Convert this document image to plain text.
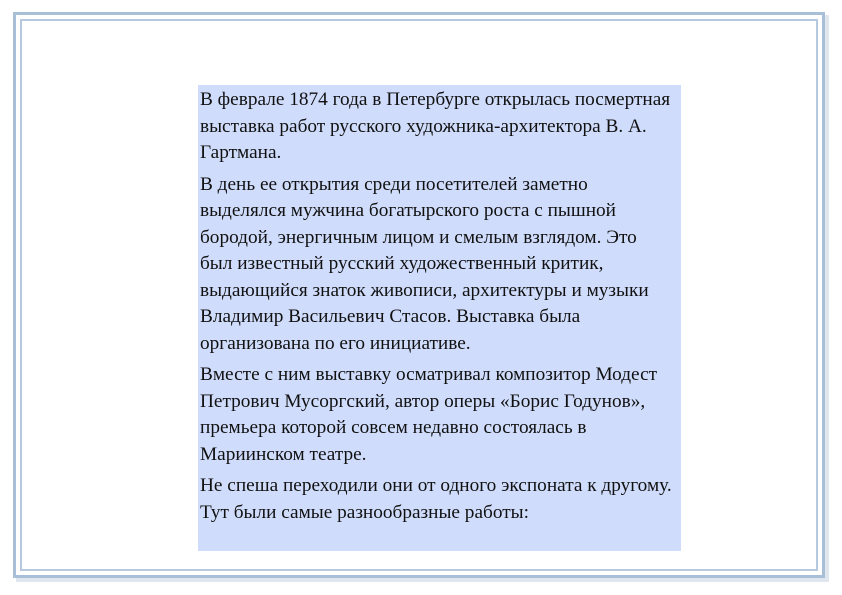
В феврале 1874 года в Петербурге открылась посмертная выставка работ русского художника-архитектора В. А. Гартмана.

В день ее открытия среди посетителей заметно выделялся мужчина богатырского роста с пышной бородой, энергичным лицом и смелым взглядом. Это был известный русский художественный критик, выдающийся знаток живописи, архитектуры и музыки Владимир Васильевич Стасов. Выставка была организована по его инициативе.

Вместе с ним выставку осматривал композитор Модест Петрович Мусоргский, автор оперы «Борис Годунов», премьера которой совсем недавно состоялась в Мариинском театре.

Не спеша переходили они от одного экспоната к другому. Тут были самые разнообразные работы:
